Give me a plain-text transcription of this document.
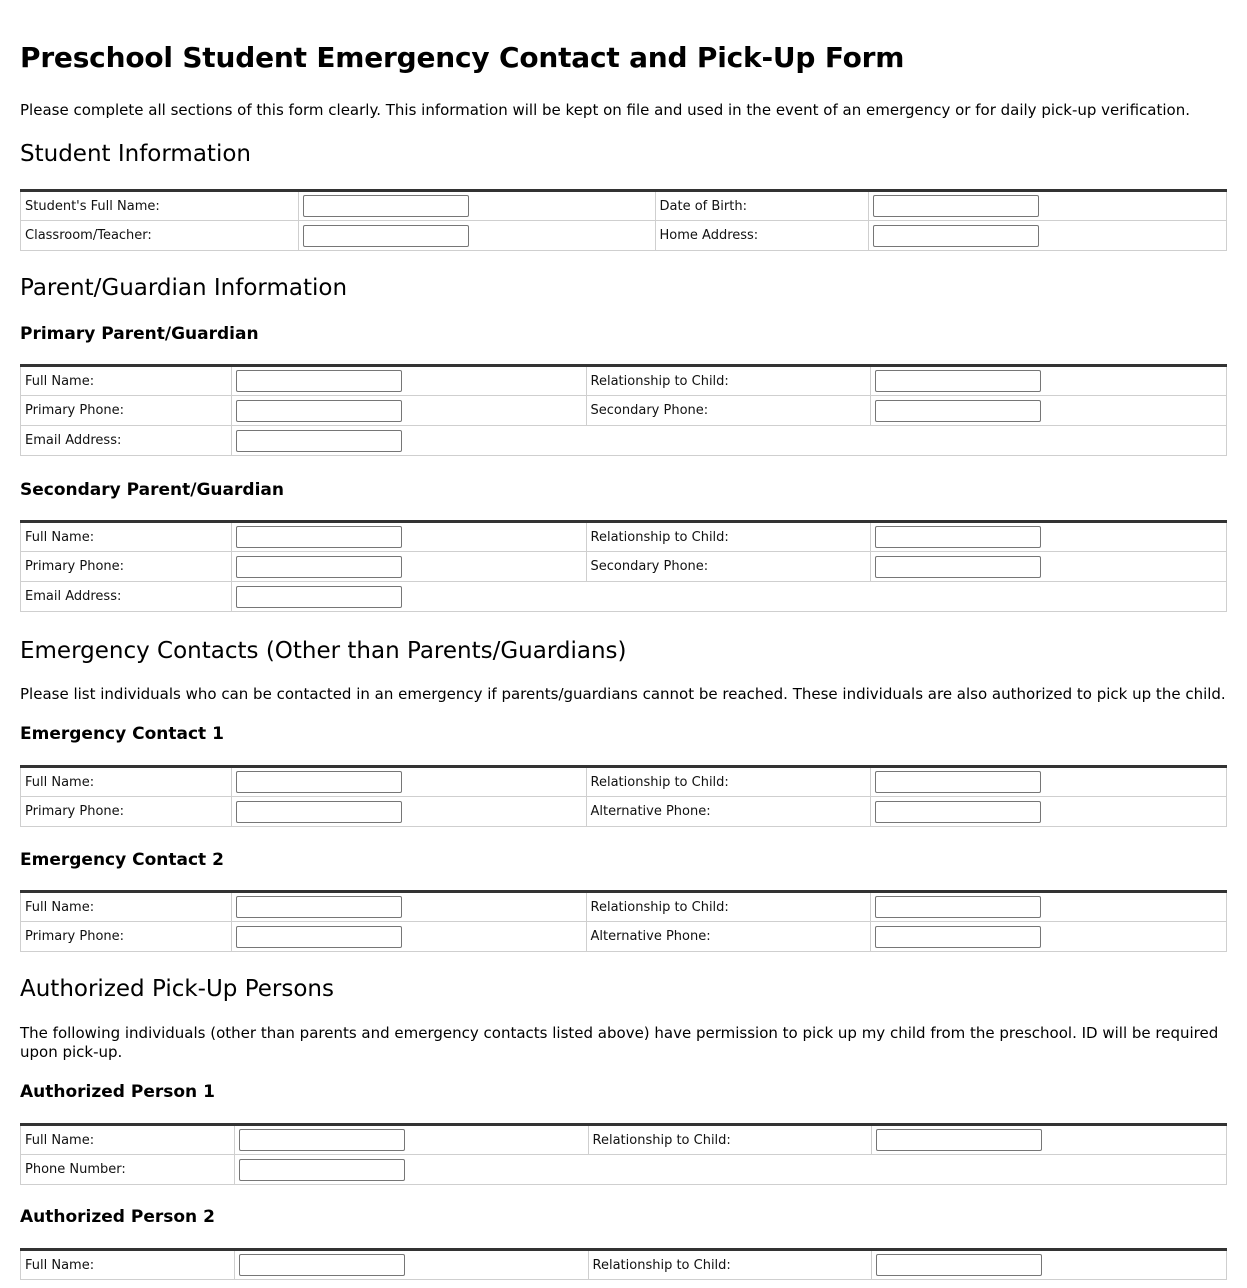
Preschool Student Emergency Contact and Pick-Up Form

Please complete all sections of this form clearly. This information will be kept on file and used in the event of an emergency or for daily pick-up verification.

Student Information
Student's Full Name:		Date of Birth:	
Classroom/Teacher:		Home Address:	
Parent/Guardian Information
Primary Parent/Guardian
Full Name:		Relationship to Child:	
Primary Phone:		Secondary Phone:	
Email Address:	
Secondary Parent/Guardian
Full Name:		Relationship to Child:	
Primary Phone:		Secondary Phone:	
Email Address:	
Emergency Contacts (Other than Parents/Guardians)

Please list individuals who can be contacted in an emergency if parents/guardians cannot be reached. These individuals are also authorized to pick up the child.

Emergency Contact 1
Full Name:		Relationship to Child:	
Primary Phone:		Alternative Phone:	
Emergency Contact 2
Full Name:		Relationship to Child:	
Primary Phone:		Alternative Phone:	
Authorized Pick-Up Persons

The following individuals (other than parents and emergency contacts listed above) have permission to pick up my child from the preschool. ID will be required upon pick-up.

Authorized Person 1
Full Name:		Relationship to Child:	
Phone Number:	
Authorized Person 2
Full Name:		Relationship to Child:	
